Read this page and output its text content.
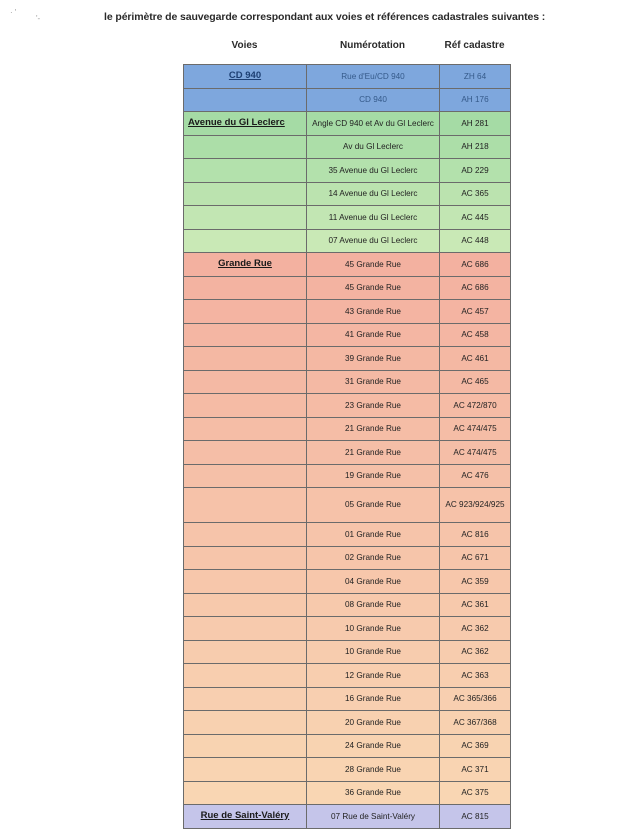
· '
'-	le périmètre de sauvegarde correspondant aux voies et références cadastrales suivantes :
Voies	Numérotation	Réf cadastre
CD 940	Rue d'Eu/CD 940	ZH 64
	CD 940	AH 176
Avenue du Gl Leclerc	Angle CD 940 et Av du Gl Leclerc	AH 281
	Av du Gl Leclerc	AH 218
	35 Avenue du Gl Leclerc	AD 229
	14 Avenue du Gl Leclerc	AC 365
	11 Avenue du Gl Leclerc	AC 445
	07 Avenue du Gl Leclerc	AC 448
Grande Rue	45 Grande Rue	AC 686
	45 Grande Rue	AC 686
	43 Grande Rue	AC 457
	41 Grande Rue	AC 458
	39 Grande Rue	AC 461
	31 Grande Rue	AC 465
	23 Grande Rue	AC 472/870
	21 Grande Rue	AC 474/475
	21 Grande Rue	AC 474/475
	19 Grande Rue	AC 476
	05 Grande Rue	AC 923/924/925
	01 Grande Rue	AC 816
	02 Grande Rue	AC 671
	04 Grande Rue	AC 359
	08 Grande Rue	AC 361
	10 Grande Rue	AC 362
	10 Grande Rue	AC 362
	12 Grande Rue	AC 363
	16 Grande Rue	AC 365/366
	20 Grande Rue	AC 367/368
	24 Grande Rue	AC 369
	28 Grande Rue	AC 371
	36 Grande Rue	AC 375
Rue de Saint-Valéry	07 Rue de Saint-Valéry	AC 815
